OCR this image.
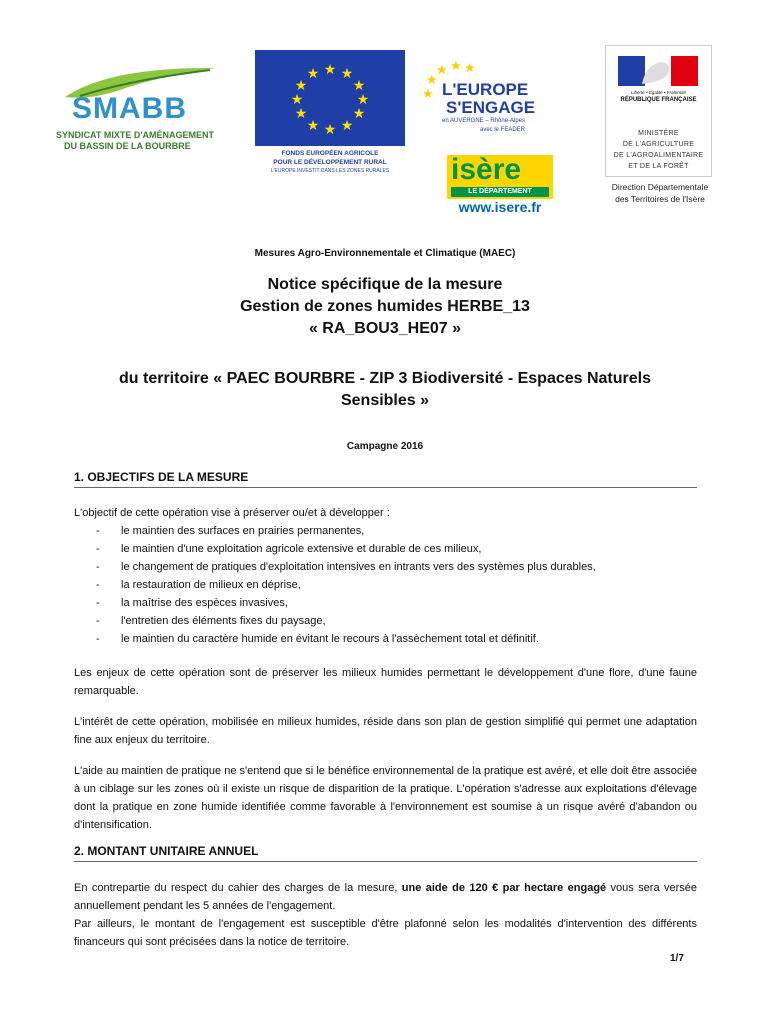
SMABB
SYNDICAT MIXTE D'AMÉNAGEMENT
DU BASSIN DE LA BOURBRE
★ ★
★
★
★
★
★
★
★
★
★
★
FONDS EUROPÉEN AGRICOLE
POUR LE DÉVELOPPEMENT RURAL
L'EUROPE INVESTIT DANS LES ZONES RURALES
★
★
★ ★ ★
L'EUROPE
S'ENGAGE
en AUVERGNE – Rhône-Alpes
avec le FEADER
isère
LE DÉPARTEMENT
www.isere.fr
Liberté • Égalité • Fraternité
RÉPUBLIQUE FRANÇAISE
MINISTÈRE
DE L'AGRICULTURE
DE L'AGROALIMENTAIRE
ET DE LA FORÊT
Direction Départementale
des Territoires de l'Isère
Mesures Agro-Environnementale et Climatique (MAEC)
Notice spécifique de la mesure
Gestion de zones humides HERBE_13
« RA_BOU3_HE07 »
du territoire « PAEC BOURBRE - ZIP 3 Biodiversité - Espaces Naturels Sensibles »
Campagne 2016
1. OBJECTIFS DE LA MESURE
L'objectif de cette opération vise à préserver ou/et à développer :
- le maintien des surfaces en prairies permanentes,
- le maintien d'une exploitation agricole extensive et durable de ces milieux,
- le changement de pratiques d'exploitation intensives en intrants vers des systèmes plus durables,
- la restauration de milieux en déprise,
- la maîtrise des espèces invasives,
- l'entretien des éléments fixes du paysage,
- le maintien du caractère humide en évitant le recours à l'assèchement total et définitif.
Les enjeux de cette opération sont de préserver les milieux humides permettant le développement d'une flore, d'une faune remarquable.
L'intérêt de cette opération, mobilisée en milieux humides, réside dans son plan de gestion simplifié qui permet une adaptation fine aux enjeux du territoire.
L'aide au maintien de pratique ne s'entend que si le bénéfice environnemental de la pratique est avéré, et elle doit être associée à un ciblage sur les zones où il existe un risque de disparition de la pratique. L'opération s'adresse aux exploitations d'élevage dont la pratique en zone humide identifiée comme favorable à l'environnement est soumise à un risque avéré d'abandon ou d'intensification.
2. MONTANT UNITAIRE ANNUEL
En contrepartie du respect du cahier des charges de la mesure, une aide de 120 € par hectare engagé vous sera versée annuellement pendant les 5 années de l'engagement.
Par ailleurs, le montant de l'engagement est susceptible d'être plafonné selon les modalités d'intervention des différents financeurs qui sont précisées dans la notice de territoire.
1/7
